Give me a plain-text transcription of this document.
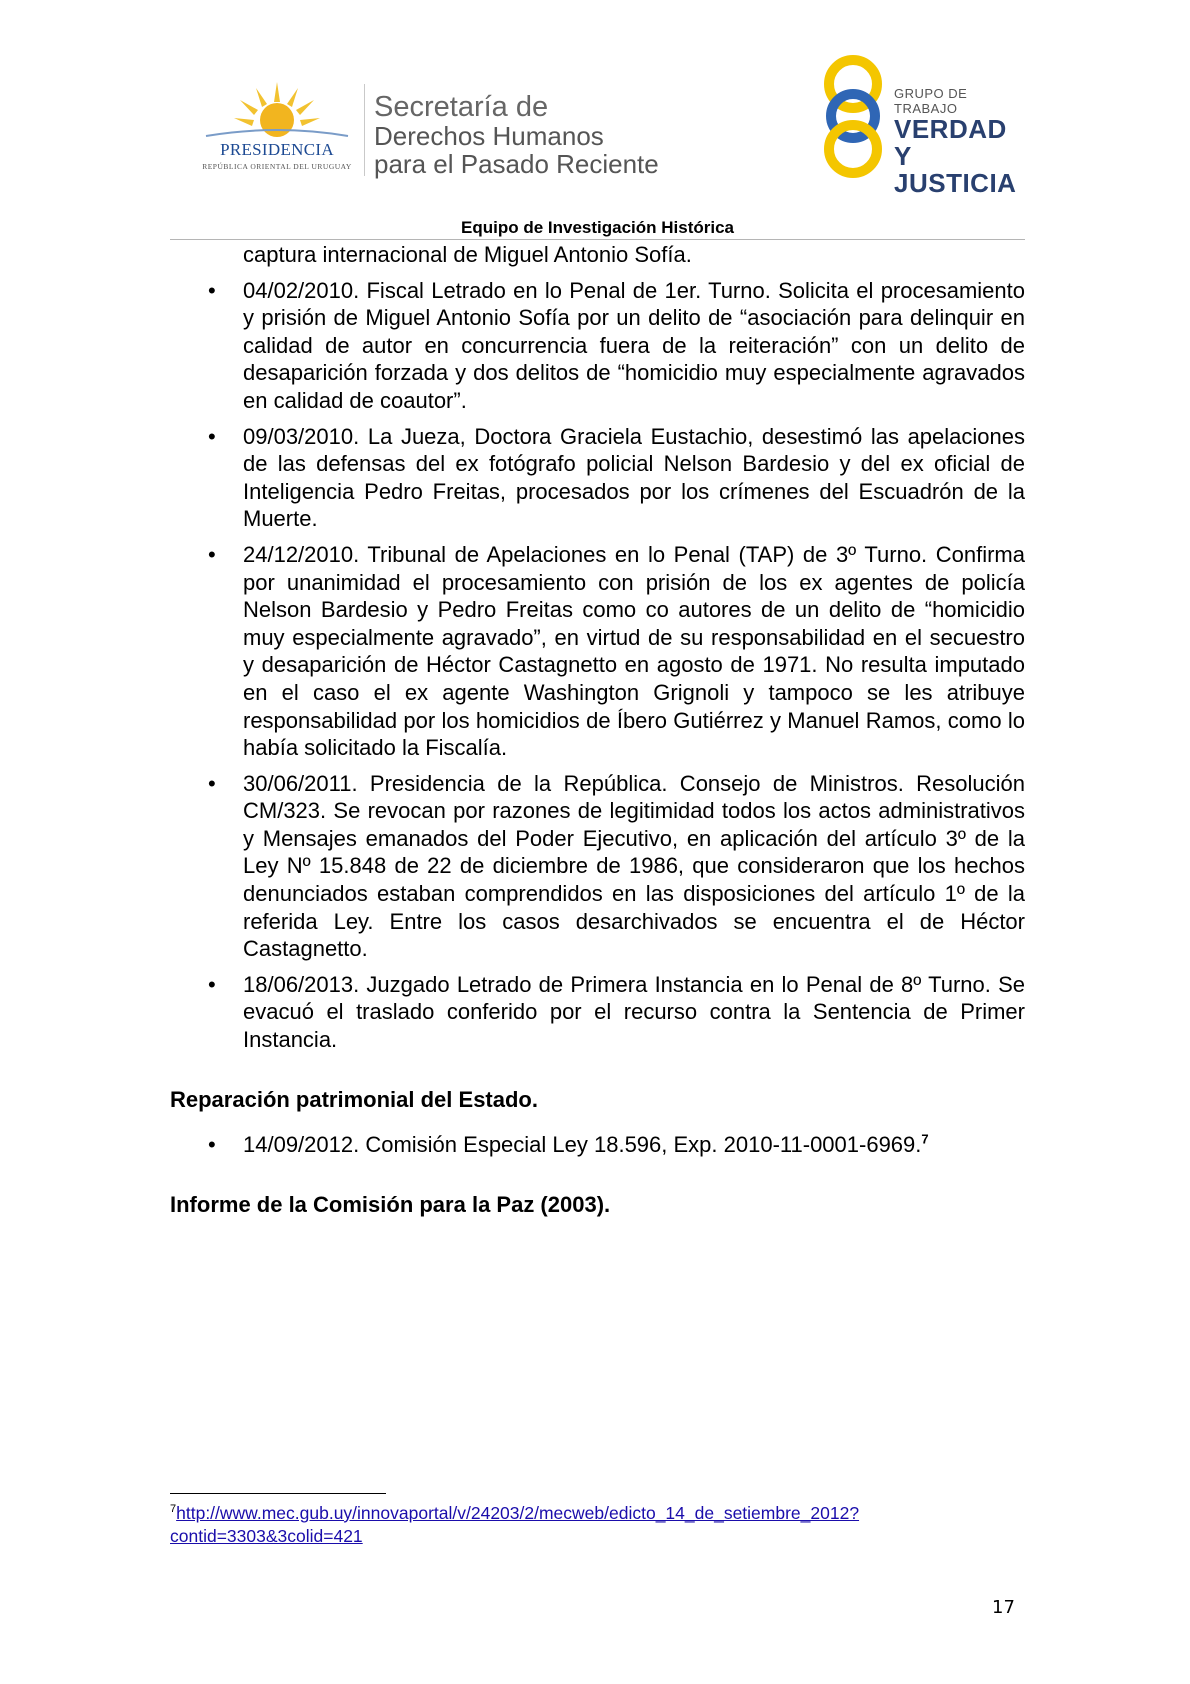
PRESIDENCIA
REPÚBLICA ORIENTAL DEL URUGUAY
Secretaría de
Derechos Humanos
para el Pasado Reciente
GRUPO DE TRABAJO
VERDAD Y
JUSTICIA
Equipo de Investigación Histórica
captura internacional de Miguel Antonio Sofía.
• 04/02/2010. Fiscal Letrado en lo Penal de 1er. Turno. Solicita el procesamiento y prisión de Miguel Antonio Sofía por un delito de “asociación para delinquir en calidad de autor en concurrencia fuera de la reiteración” con un delito de desaparición forzada y dos delitos de “homicidio muy especialmente agravados en calidad de coautor”.
• 09/03/2010. La Jueza, Doctora Graciela Eustachio, desestimó las apelaciones de las defensas del ex fotógrafo policial Nelson Bardesio y del ex oficial de Inteligencia Pedro Freitas, procesados por los crímenes del Escuadrón de la Muerte.
• 24/12/2010. Tribunal de Apelaciones en lo Penal (TAP) de 3º Turno. Confirma por unanimidad el procesamiento con prisión de los ex agentes de policía Nelson Bardesio y Pedro Freitas como co autores de un delito de “homicidio muy especialmente agravado”, en virtud de su responsabilidad en el secuestro y desaparición de Héctor Castagnetto en agosto de 1971. No resulta imputado en el caso el ex agente Washington Grignoli y tampoco se les atribuye responsabilidad por los homicidios de Íbero Gutiérrez y Manuel Ramos, como lo había solicitado la Fiscalía.
• 30/06/2011. Presidencia de la República. Consejo de Ministros. Resolución CM/323. Se revocan por razones de legitimidad todos los actos administrativos y Mensajes emanados del Poder Ejecutivo, en aplicación del artículo 3º de la Ley Nº 15.848 de 22 de diciembre de 1986, que consideraron que los hechos denunciados estaban comprendidos en las disposiciones del artículo 1º de la referida Ley. Entre los casos desarchivados se encuentra el de Héctor Castagnetto.
• 18/06/2013. Juzgado Letrado de Primera Instancia en lo Penal de 8º Turno. Se evacuó el traslado conferido por el recurso contra la Sentencia de Primer Instancia.
Reparación patrimonial del Estado.
• 14/09/2012. Comisión Especial Ley 18.596, Exp. 2010-11-0001-6969.$^7$
Informe de la Comisión para la Paz (2003).
$^7$http://www.mec.gub.uy/innovaportal/v/24203/2/mecweb/edicto_14_de_setiembre_2012?
contid=3303&3colid=421
17
